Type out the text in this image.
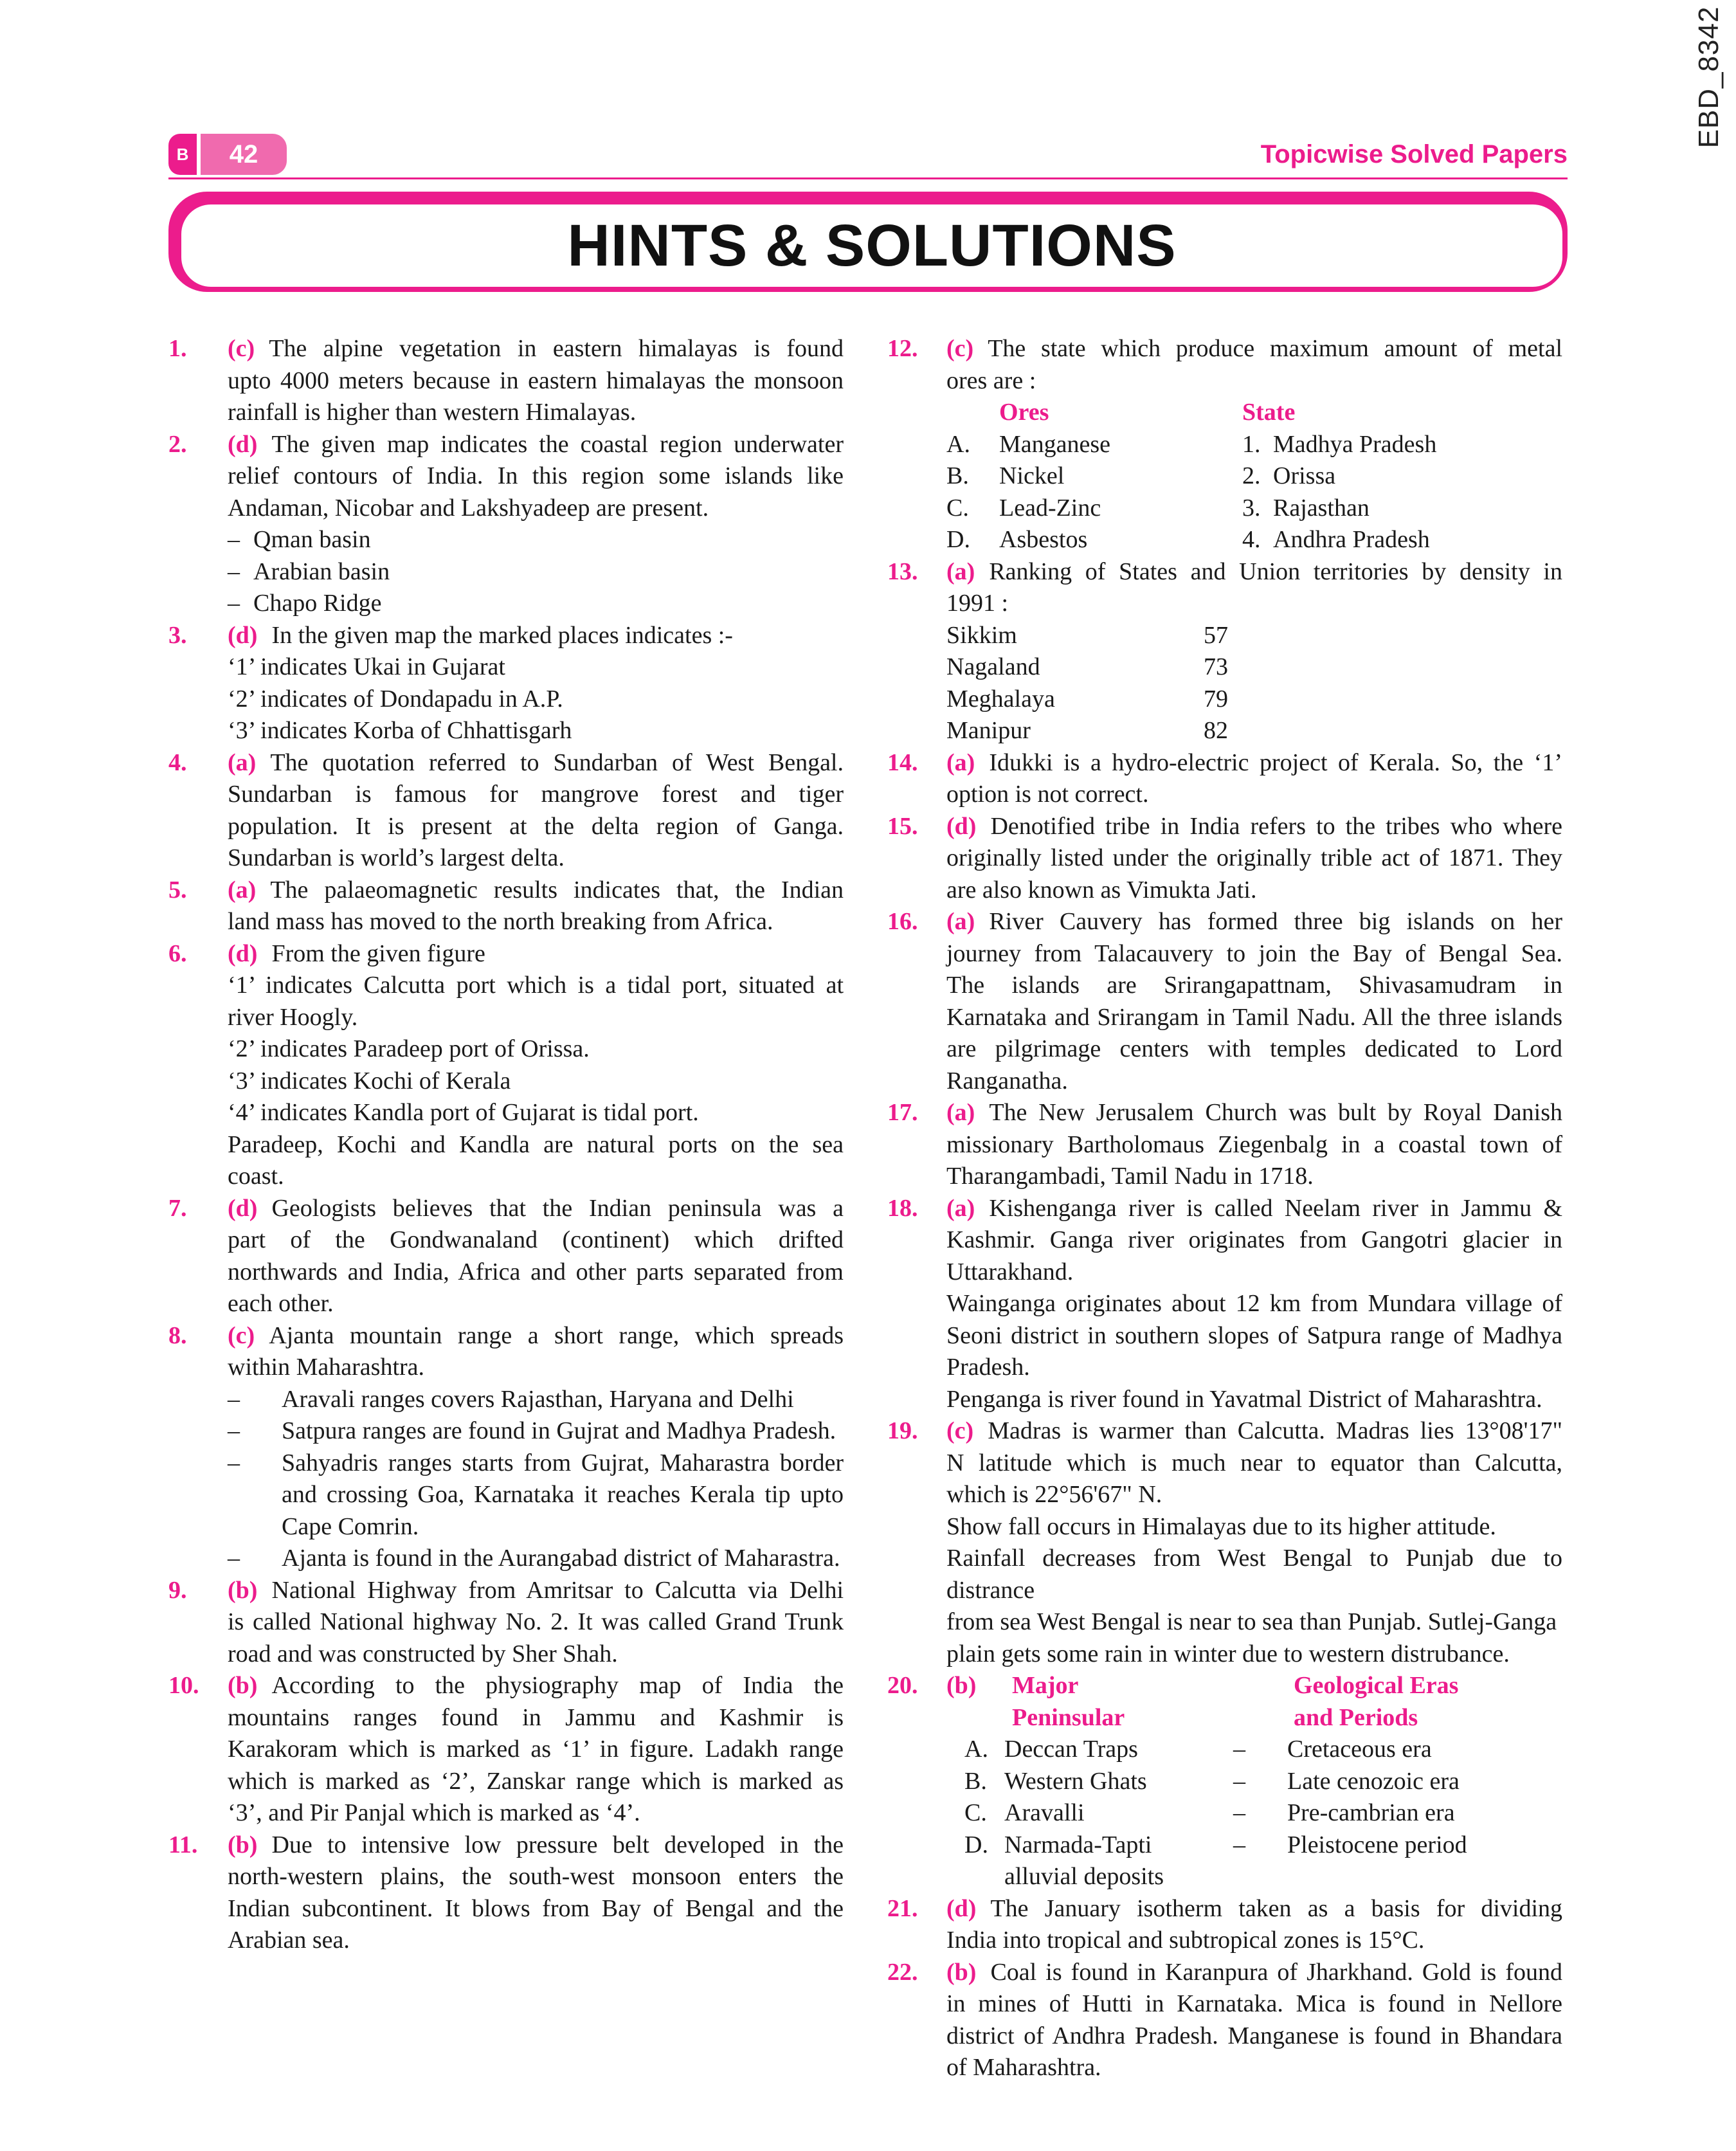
EBD_8342
B	42	Topicwise Solved Papers
HINTS & SOLUTIONS
1.	(c) The alpine vegetation in eastern himalayas is found
upto 4000 meters because in eastern himalayas the monsoon
rainfall is higher than western Himalayas.
2.	(d) The given map indicates the coastal region underwater
relief contours of India. In this region some islands like
Andaman, Nicobar and Lakshyadeep are present.
– Qman basin
– Arabian basin
– Chapo Ridge
3.	(d) In the given map the marked places indicates :-
‘1’ indicates Ukai in Gujarat
‘2’ indicates of Dondapadu in A.P.
‘3’ indicates Korba of Chhattisgarh
4.	(a) The quotation referred to Sundarban of West Bengal.
Sundarban is famous for mangrove forest and tiger
population. It is present at the delta region of Ganga.
Sundarban is world’s largest delta.
5.	(a) The palaeomagnetic results indicates that, the Indian
land mass has moved to the north breaking from Africa.
6.	(d) From the given figure
‘1’ indicates Calcutta port which is a tidal port, situated at
river Hoogly.
‘2’ indicates Paradeep port of Orissa.
‘3’ indicates Kochi of Kerala
‘4’ indicates Kandla port of Gujarat is tidal port.
Paradeep, Kochi and Kandla are natural ports on the sea
coast.
7.	(d) Geologists believes that the Indian peninsula was a
part of the Gondwanaland (continent) which drifted
northwards and India, Africa and other parts separated from
each other.
8.	(c) Ajanta mountain range a short range, which spreads
within Maharashtra.
–	Aravali ranges covers Rajasthan, Haryana and Delhi
–	Satpura ranges are found in Gujrat and Madhya Pradesh.
–	Sahyadris ranges starts from Gujrat, Maharastra border and crossing Goa, Karnataka it reaches Kerala tip upto Cape Comrin.
–	Ajanta is found in the Aurangabad district of Maharastra.
9.	(b) National Highway from Amritsar to Calcutta via Delhi
is called National highway No. 2. It was called Grand Trunk
road and was constructed by Sher Shah.
10.	(b) According to the physiography map of India the
mountains ranges found in Jammu and Kashmir is
Karakoram which is marked as ‘1’ in figure. Ladakh range
which is marked as ‘2’, Zanskar range which is marked as
‘3’, and Pir Panjal which is marked as ‘4’.
11.	(b) Due to intensive low pressure belt developed in the
north-western plains, the south-west monsoon enters the
Indian subcontinent. It blows from Bay of Bengal and the
Arabian sea.
12.	(c) The state which produce maximum amount of metal
ores are :
Ores	State
A.	Manganese	1. Madhya Pradesh
B.	Nickel	2. Orissa
C.	Lead-Zinc	3. Rajasthan
D.	Asbestos	4. Andhra Pradesh
13.	(a) Ranking of States and Union territories by density in
1991 :
Sikkim	57
Nagaland	73
Meghalaya	79
Manipur	82
14.	(a) Idukki is a hydro-electric project of Kerala. So, the ‘1’
option is not correct.
15.	(d) Denotified tribe in India refers to the tribes who where
originally listed under the originally trible act of 1871. They
are also known as Vimukta Jati.
16.	(a) River Cauvery has formed three big islands on her
journey from Talacauvery to join the Bay of Bengal Sea.
The islands are Srirangapattnam, Shivasamudram in
Karnataka and Srirangam in Tamil Nadu. All the three islands
are pilgrimage centers with temples dedicated to Lord
Ranganatha.
17.	(a) The New Jerusalem Church was bult by Royal Danish
missionary Bartholomaus Ziegenbalg in a coastal town of
Tharangambadi, Tamil Nadu in 1718.
18.	(a) Kishenganga river is called Neelam river in Jammu &
Kashmir. Ganga river originates from Gangotri glacier in
Uttarakhand.
Wainganga originates about 12 km from Mundara village of
Seoni district in southern slopes of Satpura range of Madhya
Pradesh.
Penganga is river found in Yavatmal District of Maharashtra.
19.	(c) Madras is warmer than Calcutta. Madras lies 13°08'17"
N latitude which is much near to equator than Calcutta,
which is 22°56'67" N.
Show fall occurs in Himalayas due to its higher attitude.
Rainfall decreases from West Bengal to Punjab due to distrance
from sea West Bengal is near to sea than Punjab. Sutlej-Ganga
plain gets some rain in winter due to western distrubance.
20.	(b)	Major
Peninsular
Geological Eras
and Periods
A. Deccan Traps	–	Cretaceous era
B. Western Ghats	–	Late cenozoic era
C. Aravalli	–	Pre-cambrian era
D. Narmada-Tapti	–	Pleistocene period
alluvial deposits
21.	(d) The January isotherm taken as a basis for dividing
India into tropical and subtropical zones is 15°C.
22.	(b) Coal is found in Karanpura of Jharkhand. Gold is found
in mines of Hutti in Karnataka. Mica is found in Nellore
district of Andhra Pradesh. Manganese is found in Bhandara
of Maharashtra.
